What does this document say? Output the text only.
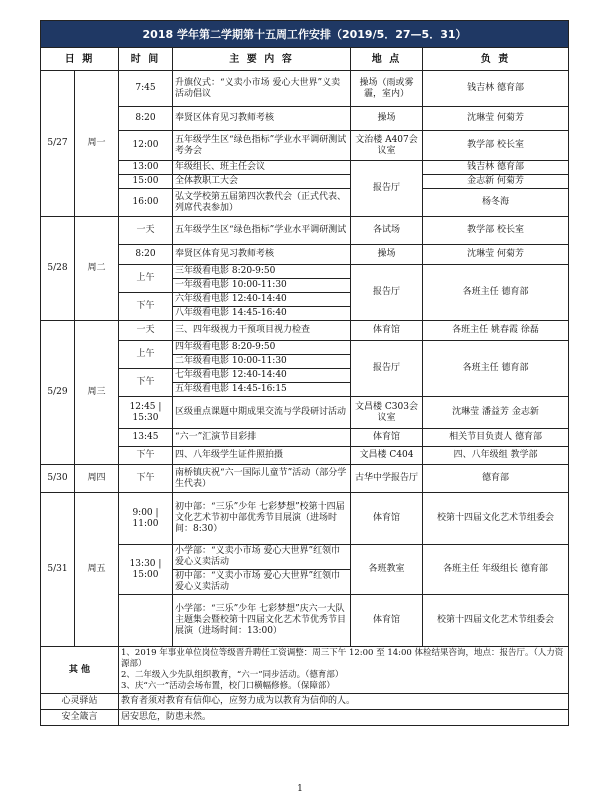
2018 学年第二学期第十五周工作安排（2019/5．27—5．31）					
日 期		时 间	主 要 内 容	地 点	负 责
5/27	周一	7:45	升旗仪式：“义卖小市场 爱心大世界”义卖活动倡议	操场（雨或雾霾，室内）	钱吉林 德育部
		8:20	奉贤区体育见习教师考核	操场	沈琳莹 何菊芳
		12:00	五年级学生区“绿色指标”学业水平调研测试考务会	文治楼 A407会议室	教学部 校长室
		13:00	年级组长、班主任会议	报告厅	钱吉林 德育部
		15:00	全体教职工大会		金志新 何菊芳
		16:00	弘文学校第五届第四次教代会（正式代表、列席代表参加）		杨冬海
5/28	周二	一天	五年级学生区“绿色指标”学业水平调研测试	各试场	教学部 校长室
		8:20	奉贤区体育见习教师考核	操场	沈琳莹 何菊芳
		上午	三年级看电影 8:20-9:50	报告厅	各班主任 德育部
			一年级看电影 10:00-11:30		
		下午	六年级看电影 12:40-14:40		
			八年级看电影 14:45-16:40		
5/29	周三	一天	三、四年级视力干预项目视力检查	体育馆	各班主任 姚春霞 徐磊
		上午	四年级看电影 8:20-9:50	报告厅	各班主任 德育部
			二年级看电影 10:00-11:30		
		下午	七年级看电影 12:40-14:40		
			五年级看电影 14:45-16:15		
		12:45 | 15:30	区级重点课题中期成果交流与学段研讨活动	文昌楼 C303会议室	沈琳莹 潘益芳 金志新
		13:45	“六一”汇演节目彩排	体育馆	相关节目负责人 德育部
		下午	四、八年级学生证件照拍摄	文昌楼 C404	四、八年级组 教学部
5/30	周四	下午	南桥镇庆祝“六一国际儿童节”活动（部分学生代表）	古华中学报告厅	德育部
5/31	周五	9:00 | 11:00	初中部：“三乐”少年 七彩梦想”校第十四届文化艺术节初中部优秀节目展演（进场时间：8:30）	体育馆	校第十四届文化艺术节组委会
		13:30 | 15:00	小学部：“义卖小市场 爱心大世界”红领巾爱心义卖活动	各班教室	各班主任 年级组长 德育部
			初中部：“义卖小市场 爱心大世界”红领巾爱心义卖活动		
			小学部：“三乐”少年 七彩梦想”庆六一大队主题集会暨校第十四届文化艺术节优秀节目展演（进场时间：13:00）	体育馆	校第十四届文化艺术节组委会
其 他		1、2019 年事业单位岗位等级晋升聘任工资调整：周三下午 12:00 至 14:00 体检结果咨询，地点：报告厅。（人力资源部）
2、二年级入少先队组织教育，“六一”同步活动。（德育部）
3、庆“六一”活动会场布置，校门口横幅修修。（保障部）			

心灵驿站		教育者须对教育有信仰心，应努力成为以教育为信仰的人。			
安全箴言		居安思危，防患未然。			
1
